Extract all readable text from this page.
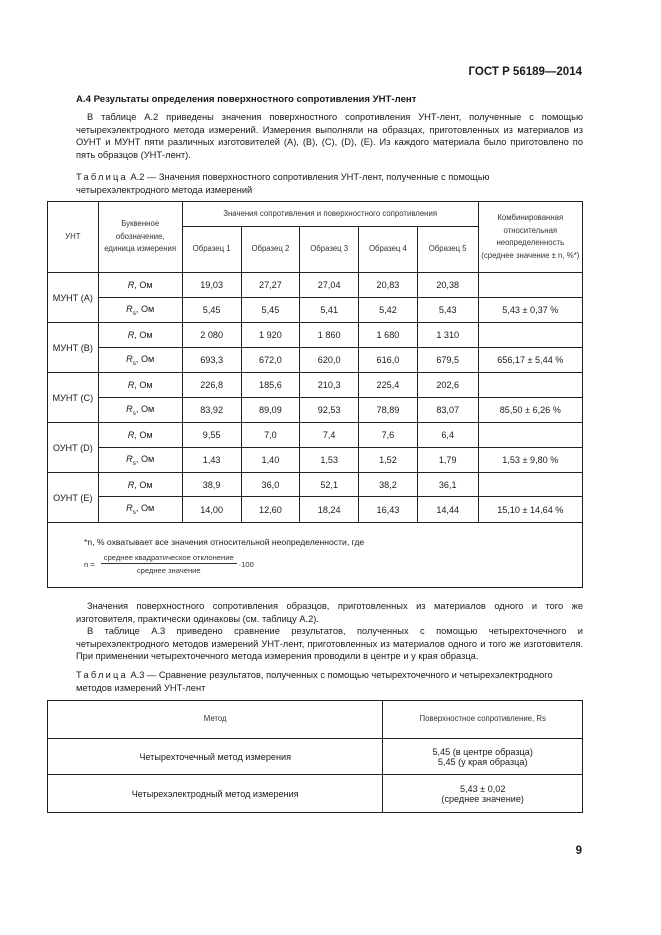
ГОСТ Р 56189—2014
А.4 Результаты определения поверхностного сопротивления УНТ-лент

В таблице А.2 приведены значения поверхностного сопротивления УНТ-лент, полученные с помощью четырехэлектродного метода измерений. Измерения выполняли на образцах, приготовленных из материалов из ОУНТ и МУНТ пяти различных изготовителей (А), (В), (С), (D), (Е). Из каждого материала было приготовлено по пять образцов (УНТ-лент).

Таблица А.2 — Значения поверхностного сопротивления УНТ-лент, полученные с помощью четырехэлектродного метода измерений
УНТ	Буквенное обозначение, единица измерения	Значения сопротивления и поверхностного сопротивления					Комбинированная относительная неопределенность (среднее значение ± n, %*)
		Образец 1	Образец 2	Образец 3	Образец 4	Образец 5	
МУНТ (А)	R, Ом	19,03	27,27	27,04	20,83	20,38	
	$R_s$, Ом	5,45	5,45	5,41	5,42	5,43	5,43 ± 0,37 %
МУНТ (В)	R, Ом	2 080	1 920	1 860	1 680	1 310	
	$R_s$, Ом	693,3	672,0	620,0	616,0	679,5	656,17 ± 5,44 %
МУНТ (С)	R, Ом	226,8	185,6	210,3	225,4	202,6	
	$R_s$, Ом	83,92	89,09	92,53	78,89	83,07	85,50 ± 6,26 %
ОУНТ (D)	R, Ом	9,55	7,0	7,4	7,6	6,4	
	$R_s$, Ом	1,43	1,40	1,53	1,52	1,79	1,53 ± 9,80 %
ОУНТ (Е)	R, Ом	38,9	36,0	52,1	38,2	36,1	
	$R_s$, Ом	14,00	12,60	18,24	16,43	14,44	15,10 ± 14,64 %

*n, % охватывает все значения относительной неопределенности, где
$n = \frac{\text{среднее квадратическое отклонение}}{\text{среднее значение}} \cdot 100$							
Метод	Поверхностное сопротивление, Rs
Четырехточечный метод измерения	5,45 (в центре образца)
5,45 (у края образца)

Четырехэлектродный метод измерения	5,43 ± 0,02
(среднее значение)

Значения поверхностного сопротивления образцов, приготовленных из материалов одного и того же изготовителя, практически одинаковы (см. таблицу А.2).

В таблице А.3 приведено сравнение результатов, полученных с помощью четырехточечного и четырехэлектродного методов измерений УНТ-лент, приготовленных из материалов одного и того же изготовителя. При применении четырехточечного метода измерения проводили в центре и у края образца.

Таблица А.3 — Сравнение результатов, полученных с помощью четырехточечного и четырехэлектродного методов измерений УНТ-лент
9
